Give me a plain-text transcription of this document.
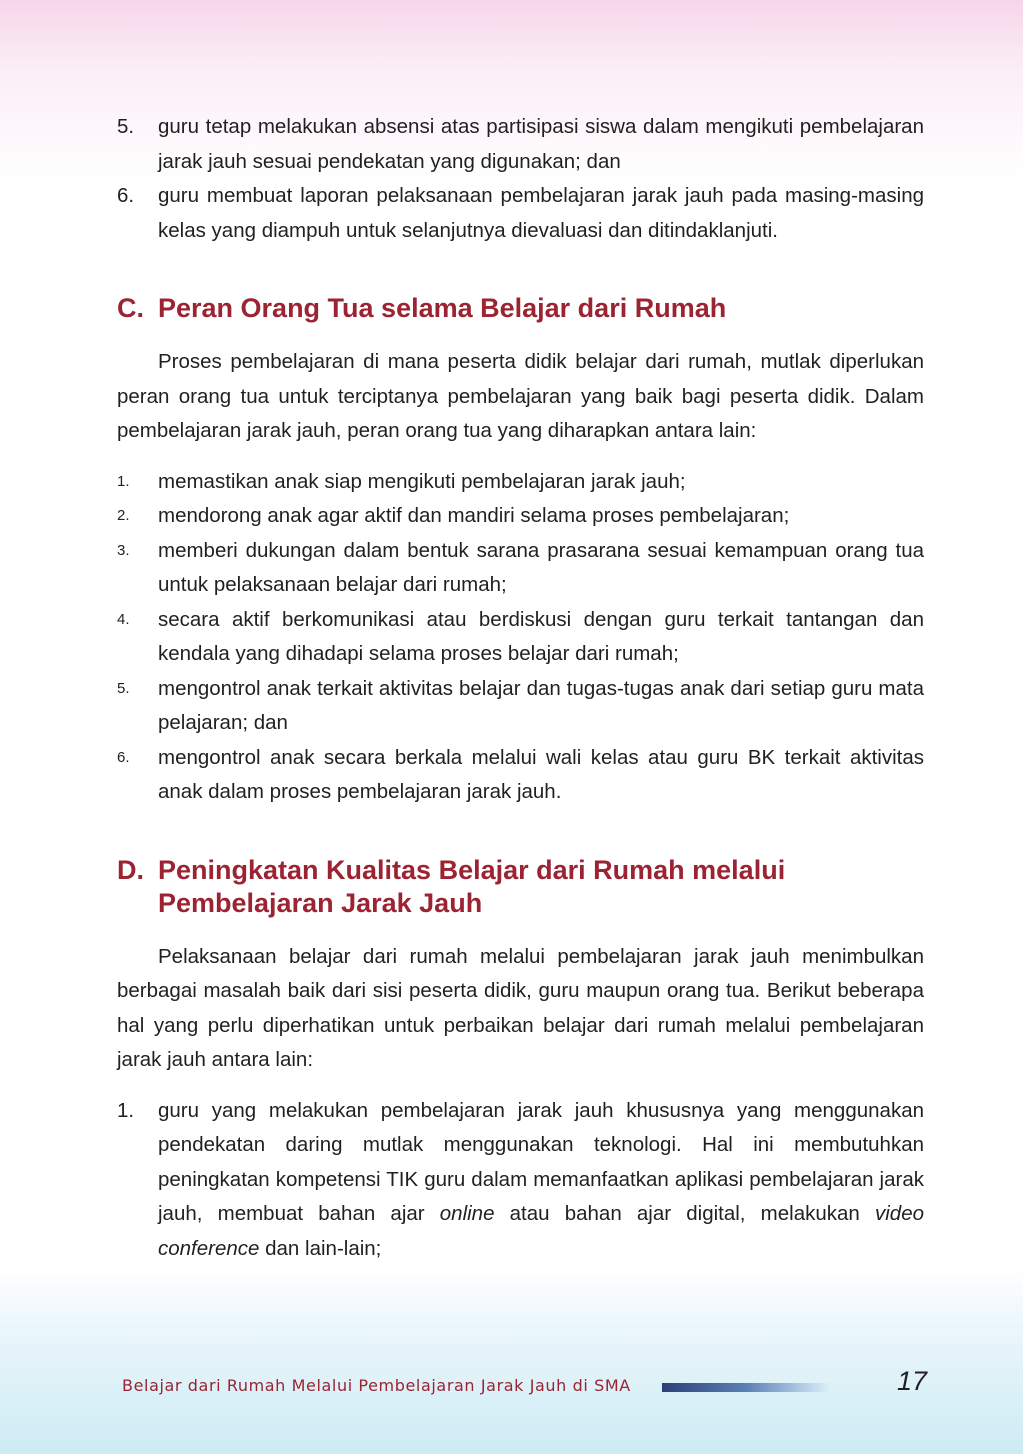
5. guru tetap melakukan absensi atas partisipasi siswa dalam mengikuti pembelajaran jarak jauh sesuai pendekatan yang digunakan; dan
6. guru membuat laporan pelaksanaan pembelajaran jarak jauh pada masing-masing kelas yang diampuh untuk selanjutnya dievaluasi dan ditindaklanjuti.
C. Peran Orang Tua selama Belajar dari Rumah

Proses pembelajaran di mana peserta didik belajar dari rumah, mutlak diperlukan peran orang tua untuk terciptanya pembelajaran yang baik bagi peserta didik. Dalam pembelajaran jarak jauh, peran orang tua yang diharapkan antara lain:

1. memastikan anak siap mengikuti pembelajaran jarak jauh;
2. mendorong anak agar aktif dan mandiri selama proses pembelajaran;
3. memberi dukungan dalam bentuk sarana prasarana sesuai kemampuan orang tua untuk pelaksanaan belajar dari rumah;
4. secara aktif berkomunikasi atau berdiskusi dengan guru terkait tantangan dan kendala yang dihadapi selama proses belajar dari rumah;
5. mengontrol anak terkait aktivitas belajar dan tugas-tugas anak dari setiap guru mata pelajaran; dan
6. mengontrol anak secara berkala melalui wali kelas atau guru BK terkait aktivitas anak dalam proses pembelajaran jarak jauh.
D. Peningkatan Kualitas Belajar dari Rumah melalui
Pembelajaran Jarak Jauh

Pelaksanaan belajar dari rumah melalui pembelajaran jarak jauh menimbulkan berbagai masalah baik dari sisi peserta didik, guru maupun orang tua. Berikut beberapa hal yang perlu diperhatikan untuk perbaikan belajar dari rumah melalui pembelajaran jarak jauh antara lain:

1. guru yang melakukan pembelajaran jarak jauh khususnya yang menggunakan pendekatan daring mutlak menggunakan teknologi. Hal ini membutuhkan peningkatan kompetensi TIK guru dalam memanfaatkan aplikasi pembelajaran jarak jauh, membuat bahan ajar online atau bahan ajar digital, melakukan video conference dan lain-lain;
Belajar dari Rumah Melalui Pembelajaran Jarak Jauh di SMA	17
